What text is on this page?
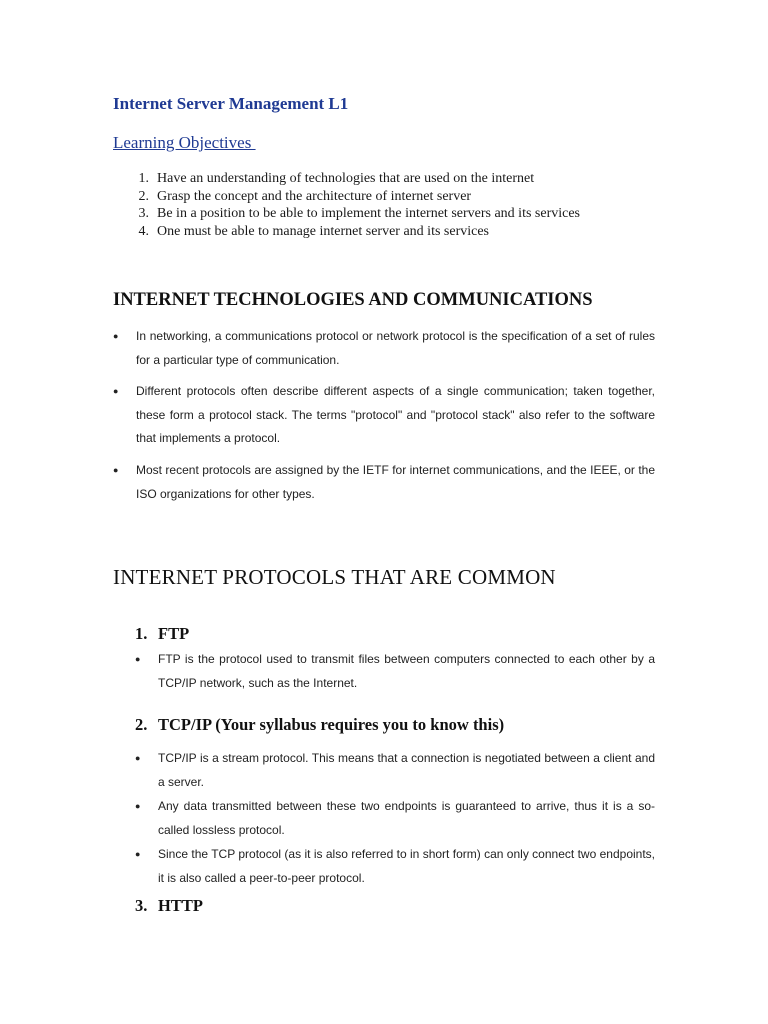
Internet Server Management L1
Learning Objectives
1. Have an understanding of technologies that are used on the internet
2. Grasp the concept and the architecture of internet server
3. Be in a position to be able to implement the internet servers and its services
4. One must be able to manage internet server and its services
INTERNET TECHNOLOGIES AND COMMUNICATIONS
● In networking, a communications protocol or network protocol is the specification of a set of rules for a particular type of communication.
● Different protocols often describe different aspects of a single communication; taken together, these form a protocol stack. The terms "protocol" and "protocol stack" also refer to the software that implements a protocol.
● Most recent protocols are assigned by the IETF for internet communications, and the IEEE, or the ISO organizations for other types.
INTERNET PROTOCOLS THAT ARE COMMON
1. FTP
● FTP is the protocol used to transmit files between computers connected to each other by a TCP/IP network, such as the Internet.
2. TCP/IP (Your syllabus requires you to know this)
● TCP/IP is a stream protocol. This means that a connection is negotiated between a client and a server.
● Any data transmitted between these two endpoints is guaranteed to arrive, thus it is a so-called lossless protocol.
● Since the TCP protocol (as it is also referred to in short form) can only connect two endpoints, it is also called a peer-to-peer protocol.
3. HTTP
